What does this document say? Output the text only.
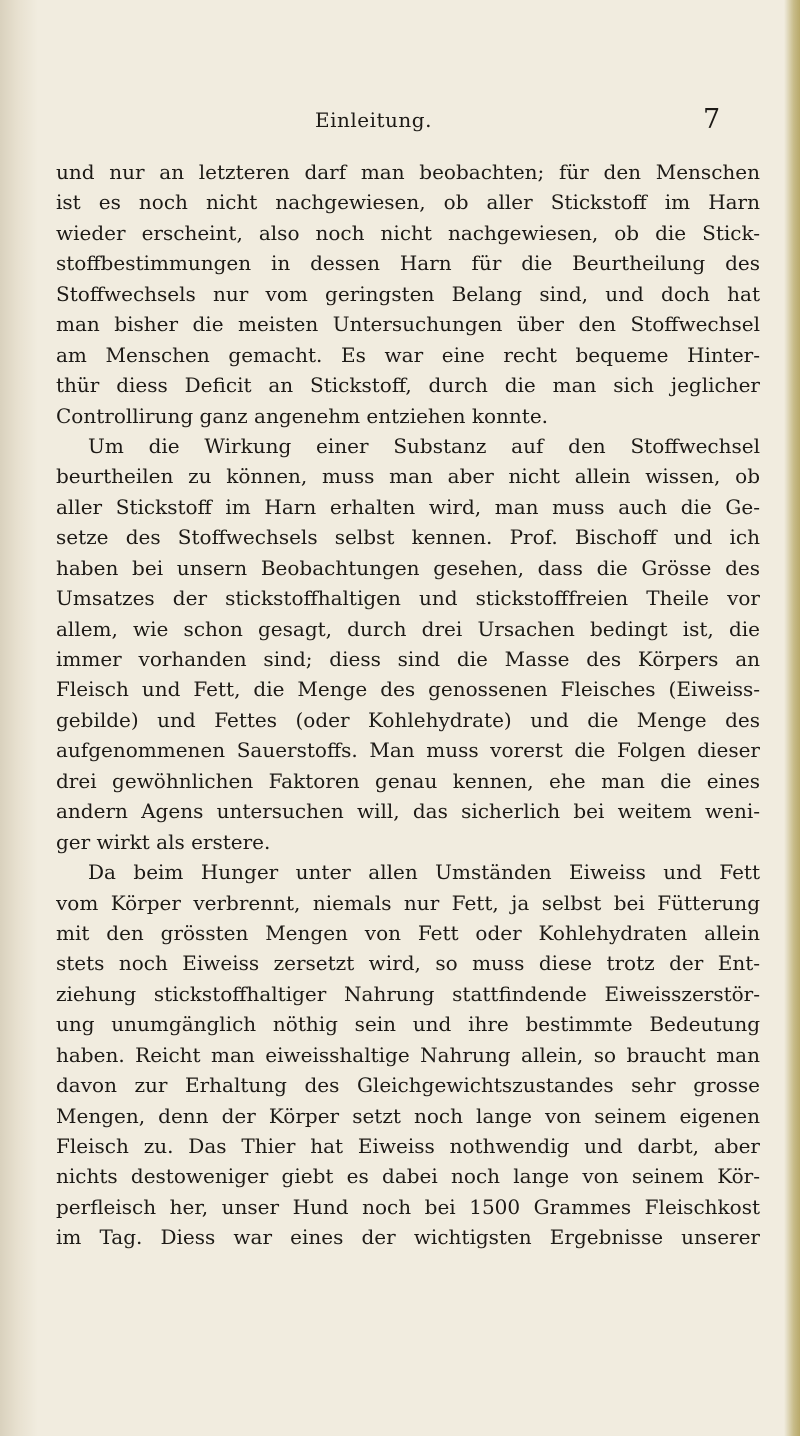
Einleitung.	7
und nur an letzteren darf man beobachten; für den Menschen
ist es noch nicht nachgewiesen, ob aller Stickstoff im Harn
wieder erscheint, also noch nicht nachgewiesen, ob die Stick-
stoffbestimmungen in dessen Harn für die Beurtheilung des
Stoffwechsels nur vom geringsten Belang sind, und doch hat
man bisher die meisten Untersuchungen über den Stoffwechsel
am Menschen gemacht. Es war eine recht bequeme Hinter-
thür diess Deficit an Stickstoff, durch die man sich jeglicher
Controllirung ganz angenehm entziehen konnte.
Um die Wirkung einer Substanz auf den Stoffwechsel
beurtheilen zu können, muss man aber nicht allein wissen, ob
aller Stickstoff im Harn erhalten wird, man muss auch die Ge-
setze des Stoffwechsels selbst kennen. Prof. Bischoff und ich
haben bei unsern Beobachtungen gesehen, dass die Grösse des
Umsatzes der stickstoffhaltigen und stickstofffreien Theile vor
allem, wie schon gesagt, durch drei Ursachen bedingt ist, die
immer vorhanden sind; diess sind die Masse des Körpers an
Fleisch und Fett, die Menge des genossenen Fleisches (Eiweiss-
gebilde) und Fettes (oder Kohlehydrate) und die Menge des
aufgenommenen Sauerstoffs. Man muss vorerst die Folgen dieser
drei gewöhnlichen Faktoren genau kennen, ehe man die eines
andern Agens untersuchen will, das sicherlich bei weitem weni-
ger wirkt als erstere.
Da beim Hunger unter allen Umständen Eiweiss und Fett
vom Körper verbrennt, niemals nur Fett, ja selbst bei Fütterung
mit den grössten Mengen von Fett oder Kohlehydraten allein
stets noch Eiweiss zersetzt wird, so muss diese trotz der Ent-
ziehung stickstoffhaltiger Nahrung stattfindende Eiweisszerstör-
ung unumgänglich nöthig sein und ihre bestimmte Bedeutung
haben. Reicht man eiweisshaltige Nahrung allein, so braucht man
davon zur Erhaltung des Gleichgewichtszustandes sehr grosse
Mengen, denn der Körper setzt noch lange von seinem eigenen
Fleisch zu. Das Thier hat Eiweiss nothwendig und darbt, aber
nichts destoweniger giebt es dabei noch lange von seinem Kör-
perfleisch her, unser Hund noch bei 1500 Grammes Fleischkost
im Tag. Diess war eines der wichtigsten Ergebnisse unserer
